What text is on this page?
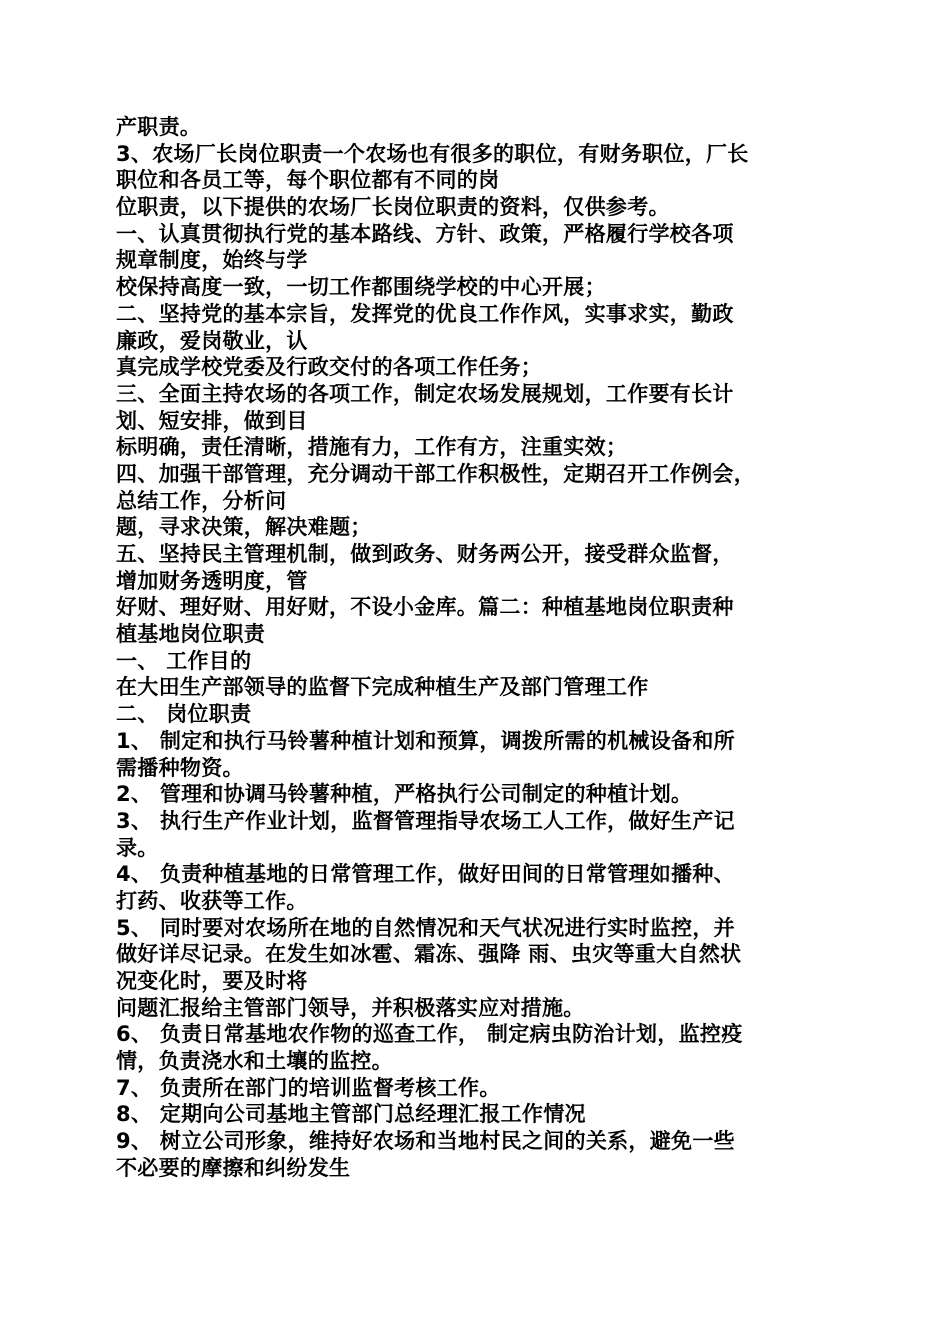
产职责。
3、农场厂长岗位职责一个农场也有很多的职位，有财务职位，厂长
职位和各员工等，每个职位都有不同的岗
位职责，以下提供的农场厂长岗位职责的资料，仅供参考。
一、认真贯彻执行党的基本路线、方针、政策，严格履行学校各项
规章制度，始终与学
校保持高度一致，一切工作都围绕学校的中心开展；
二、坚持党的基本宗旨，发挥党的优良工作作风，实事求实，勤政
廉政，爱岗敬业，认
真完成学校党委及行政交付的各项工作任务；
三、全面主持农场的各项工作，制定农场发展规划，工作要有长计
划、短安排，做到目
标明确，责任清晰，措施有力，工作有方，注重实效；
四、加强干部管理，充分调动干部工作积极性，定期召开工作例会，
总结工作，分析问
题，寻求决策，解决难题；
五、坚持民主管理机制，做到政务、财务两公开，接受群众监督，
增加财务透明度，管
好财、理好财、用好财，不设小金库。篇二：种植基地岗位职责种
植基地岗位职责
一、 工作目的
在大田生产部领导的监督下完成种植生产及部门管理工作
二、 岗位职责
1、 制定和执行马铃薯种植计划和预算，调拨所需的机械设备和所
需播种物资。
2、 管理和协调马铃薯种植，严格执行公司制定的种植计划。
3、 执行生产作业计划，监督管理指导农场工人工作，做好生产记
录。
4、 负责种植基地的日常管理工作，做好田间的日常管理如播种、
打药、收获等工作。
5、 同时要对农场所在地的自然情况和天气状况进行实时监控，并
做好详尽记录。在发生如冰雹、霜冻、强降 雨、虫灾等重大自然状
况变化时，要及时将
问题汇报给主管部门领导，并积极落实应对措施。
6、 负责日常基地农作物的巡查工作， 制定病虫防治计划，监控疫
情，负责浇水和土壤的监控。
7、 负责所在部门的培训监督考核工作。
8、 定期向公司基地主管部门总经理汇报工作情况
9、 树立公司形象，维持好农场和当地村民之间的关系，避免一些
不必要的摩擦和纠纷发生
